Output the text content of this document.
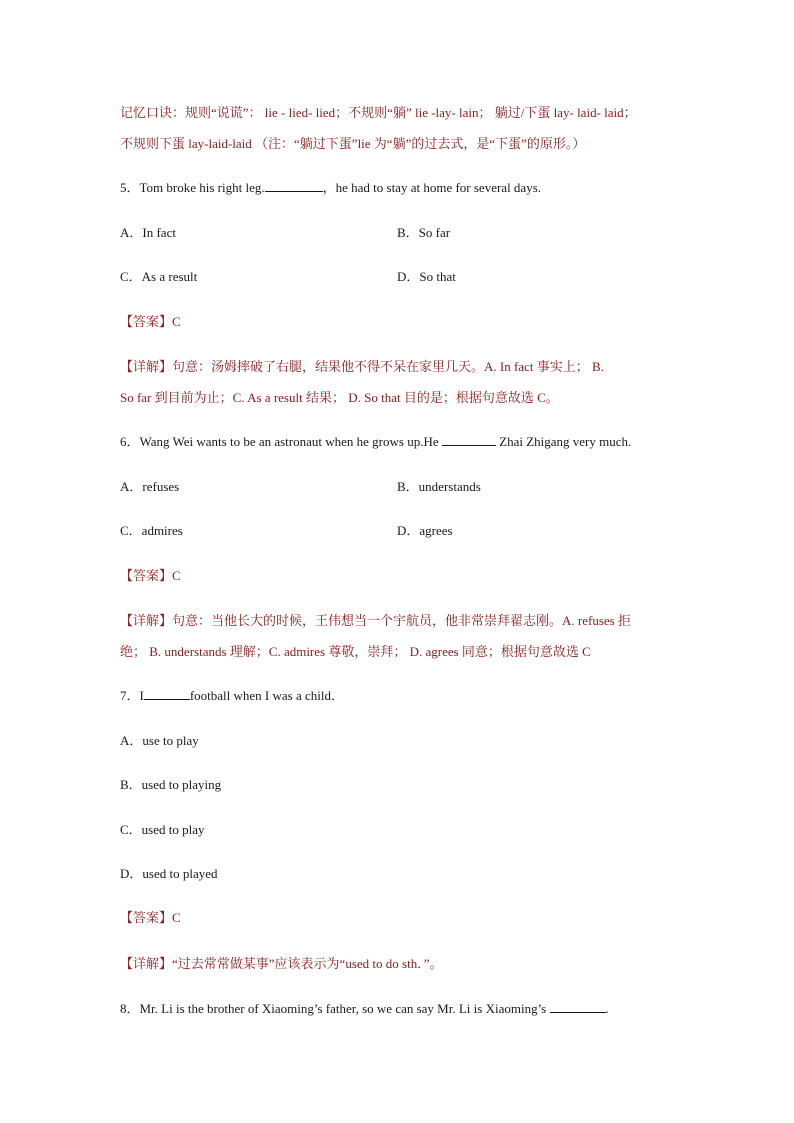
记忆口诀：规则“说谎”： lie - lied- lied；不规则“躺” lie -lay- lain； 躺过/下蛋 lay- laid- laid；
不规则下蛋 lay-laid-laid （注：“躺过下蛋”lie 为“躺”的过去式，是“下蛋”的原形。）
5．Tom broke his right leg.	，he had to stay at home for several days.
A．In fact	B．So far
C．As a result	D．So that
【答案】C
【详解】句意：汤姆摔破了右腿，结果他不得不呆在家里几天。A. In fact 事实上； B.
So far 到目前为止；C. As a result 结果； D. So that 目的是；根据句意故选 C。
6．Wang Wei wants to be an astronaut when he grows up.He	Zhai Zhigang very much.
A．refuses	B．understands
C．admires	D．agrees
【答案】C
【详解】句意：当他长大的时候，王伟想当一个宇航员，他非常崇拜翟志刚。A. refuses 拒
绝； B. understands 理解；C. admires 尊敬，崇拜； D. agrees 同意；根据句意故选 C
7．I	football when I was a child．
A．use to play
B．used to playing
C．used to play
D．used to played
【答案】C
【详解】“过去常常做某事”应该表示为“used to do sth．”。
8．Mr. Li is the brother of Xiaoming’s father, so we can say Mr. Li is Xiaoming’s	.
